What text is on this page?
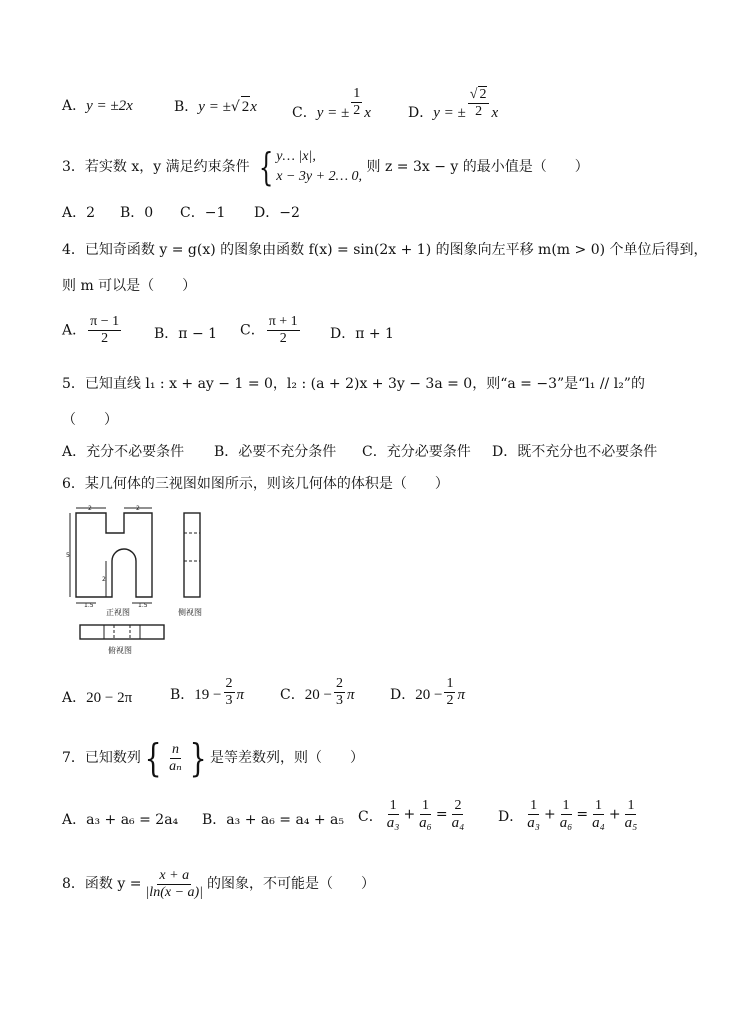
A．y = ±2x	B．y = ±√ 2x	C．y = ± $\frac{1}{2}$ x	D．y = ± $\frac{√ 2}{2}$ x
3．若实数 x，y 满足约束条件 { y… |x|,
x − 3y + 2… 0,
则 z = 3x − y 的最小值是（　　）
A．2 B．0 C．−1 D．−2
4．已知奇函数 y = g(x) 的图象由函数 f(x) = sin(2x + 1) 的图象向左平移 m(m > 0) 个单位后得到，
则 m 可以是（　　）
A． $\frac{\pi - 1}{2}$ B．π − 1 C． $\frac{\pi + 1}{2}$ D．π + 1
5．已知直线 l₁ : x + ay − 1 = 0，l₂ : (a + 2)x + 3y − 3a = 0，则“a = −3”是“l₁ // l₂”的
（　　）
A．充分不必要条件 B．必要不充分条件 C．充分必要条件 D．既不充分也不必要条件
6．某几何体的三视图如图所示，则该几何体的体积是（　　）
2	2
5
2
1.5	1.5
正视图	侧视图
俯视图
A．20 − 2π	B．$19 - \frac{2}{3}$ π	C．$20 - \frac{2}{3}$ π	D．$20 - \frac{1}{2}$ π
7．已知数列 { $\frac{n}{\text{aₙ}}$ } 是等差数列，则（　　）
A．a₃ + a₆ = 2a₄ B．a₃ + a₆ = a₄ + a₅ C． $\frac{1}{\text{a₃}} + \frac{1}{\text{a₆}} = \frac{2}{\text{a₄}}$ D． $\frac{1}{\text{a₃}} + \frac{1}{\text{a₆}} = \frac{1}{\text{a₄}} + \frac{1}{\text{a₅}}$
8．函数 $y = \frac{x + a}{|\ln(x - a)|}$ 的图象，不可能是（　　）
